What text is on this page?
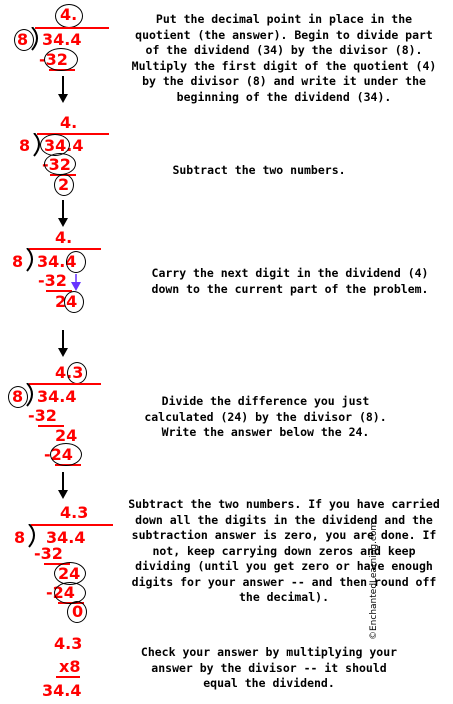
4.
8 34.4
-32
Put the decimal point in place in the quotient (the answer). Begin to divide part of the dividend (34) by the divisor (8). Multiply the first digit of the quotient (4) by the divisor (8) and write it under the beginning of the dividend (34).
4.
8 34.4
-32
2
Subtract the two numbers.
4.
8 34.4
-32
24
Carry the next digit in the dividend (4) down to the current part of the problem.
4.3
8 34.4
-32
24
-24
Divide the difference you just calculated (24) by the divisor (8). Write the answer below the 24.
4.3
8 34.4
-32
24
-24
0
Subtract the two numbers. If you have carried down all the digits in the dividend and the subtraction answer is zero, you are done. If not, keep carrying down zeros and keep dividing (until you get zero or have enough digits for your answer -- and then round off the decimal).
4.3
x8
34.4
Check your answer by multiplying your answer by the divisor -- it should equal the dividend.
©EnchantedLearning.com
